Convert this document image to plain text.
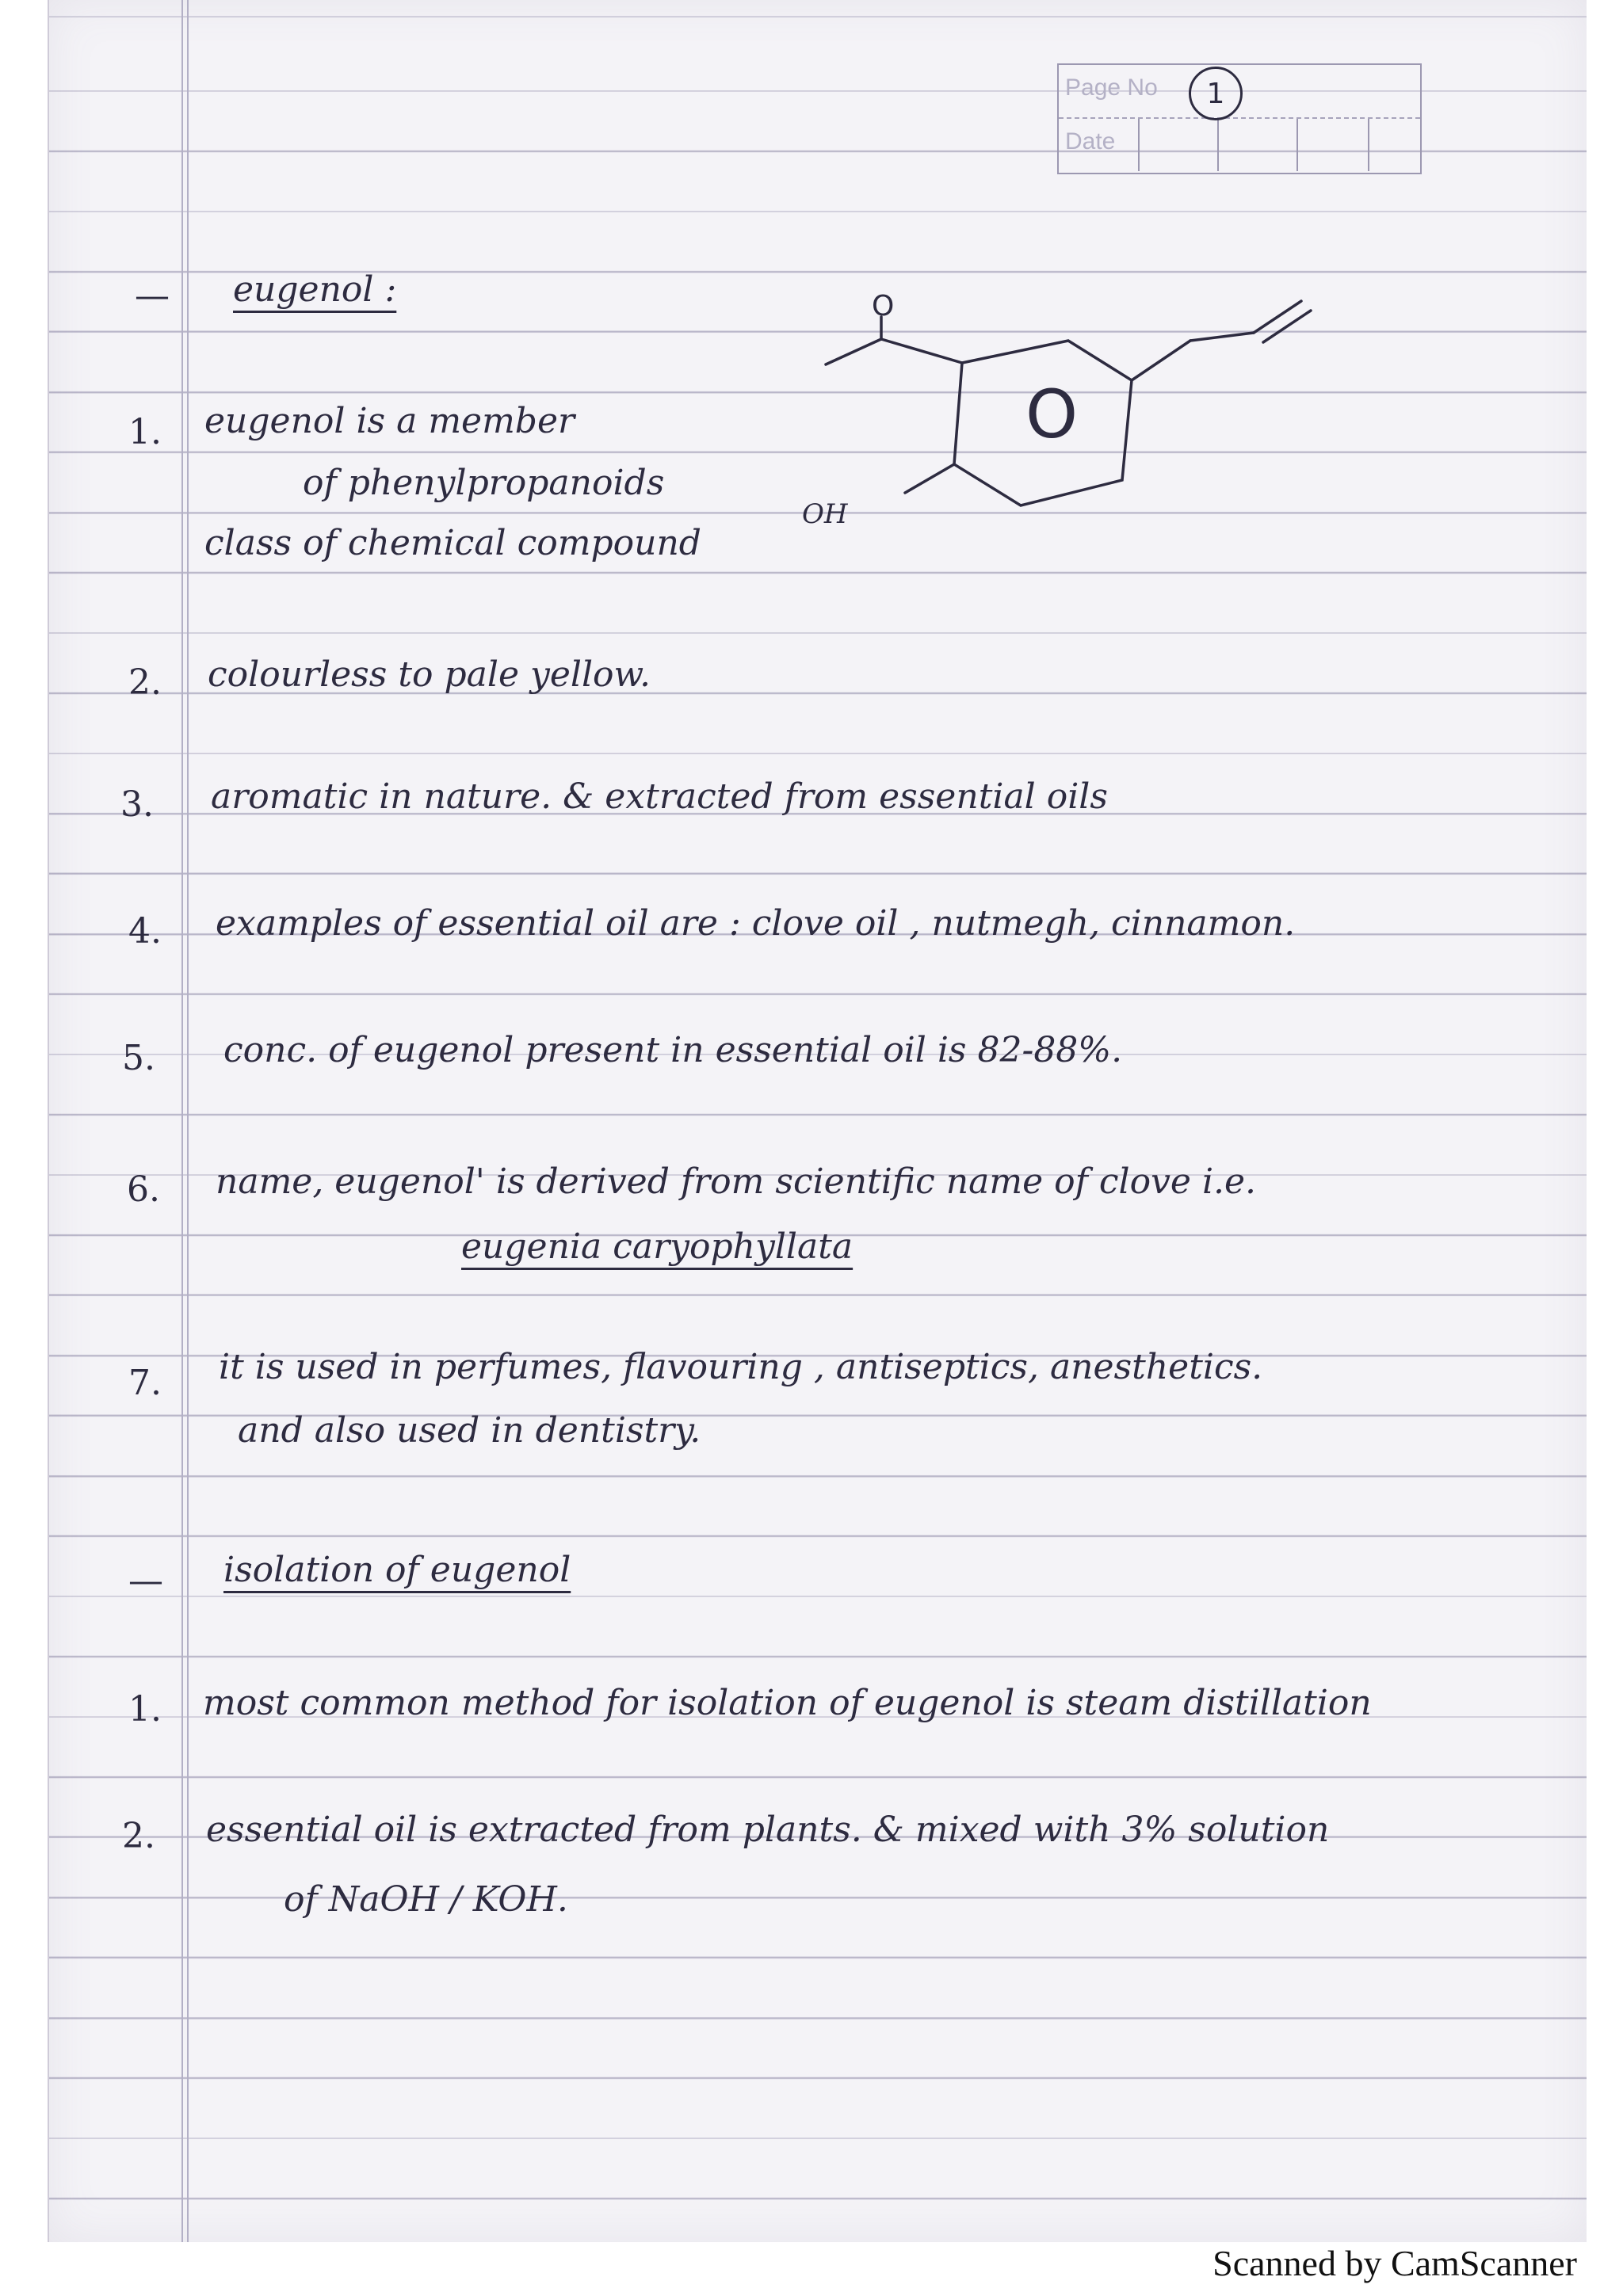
Page No
Date
1
— eugenol :	O
O
OH
1. eugenol is a member
of phenylpropanoids
class of chemical compound
2. colourless to pale yellow.
3. aromatic in nature. & extracted from essential oils
4. examples of essential oil are : clove oil , nutmegh, cinnamon.
5. conc. of eugenol present in essential oil is 82-88%.
6. name, eugenol' is derived from scientific name of clove i.e.
eugenia caryophyllata
7. it is used in perfumes, flavouring , antiseptics, anesthetics.
and also used in dentistry.
— isolation of eugenol
1. most common method for isolation of eugenol is steam distillation
2. essential oil is extracted from plants. & mixed with 3% solution
of NaOH / KOH.
Scanned by CamScanner
